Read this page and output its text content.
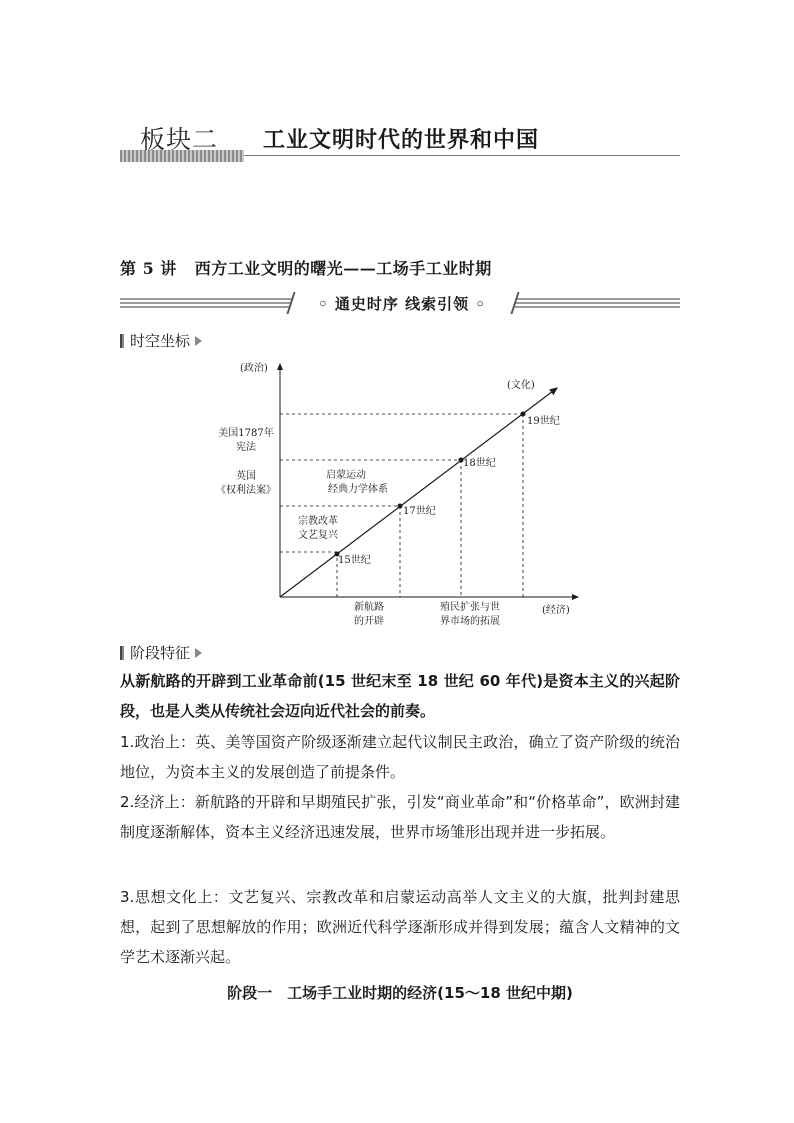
板块二 工业文明时代的世界和中国
第 5 讲 西方工业文明的曙光——工场手工业时期
◦ 通史时序 线索引领 ◦
时空坐标
(政治)
(经济)
(文化)
美国1787年
宪法
英国
《权利法案》
15世纪
17世纪
18世纪
19世纪
宗教改革
文艺复兴
启蒙运动
经典力学体系
新航路
的开辟
殖民扩张与世
界市场的拓展
阶段特征

从新航路的开辟到工业革命前(15 世纪末至 18 世纪 60 年代)是资本主义的兴起阶段，也是人类从传统社会迈向近代社会的前奏。

1.政治上：英、美等国资产阶级逐渐建立起代议制民主政治，确立了资产阶级的统治地位，为资本主义的发展创造了前提条件。

2.经济上：新航路的开辟和早期殖民扩张，引发“商业革命”和“价格革命”，欧洲封建制度逐渐解体，资本主义经济迅速发展，世界市场雏形出现并进一步拓展。

3.思想文化上：文艺复兴、宗教改革和启蒙运动高举人文主义的大旗，批判封建思想，起到了思想解放的作用；欧洲近代科学逐渐形成并得到发展；蕴含人文精神的文学艺术逐渐兴起。

阶段一　工场手工业时期的经济(15～18 世纪中期)
